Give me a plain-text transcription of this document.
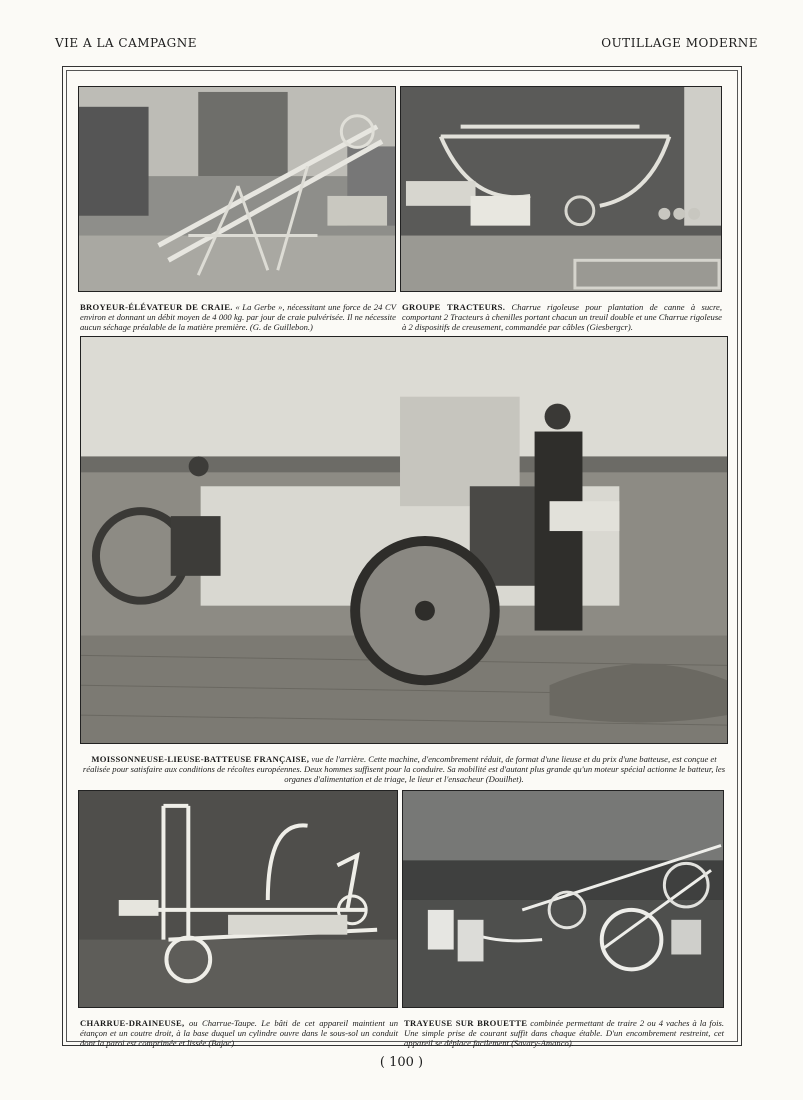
VIE A LA CAMPAGNE	OUTILLAGE MODERNE
BROYEUR-ÉLÉVATEUR DE CRAIE. « La Gerbe », nécessitant une force de 24 CV environ et donnant un débit moyen de 4 000 kg. par jour de craie pulvérisée. Il ne nécessite aucun séchage préalable de la matière première. (G. de Guillebon.)
GROUPE TRACTEURS. Charrue rigoleuse pour plantation de canne à sucre, comportant 2 Tracteurs à chenilles portant chacun un treuil double et une Charrue rigoleuse à 2 dispositifs de creusement, commandée par câbles (Giesbergcr).
MOISSONNEUSE-LIEUSE-BATTEUSE FRANÇAISE, vue de l'arrière. Cette machine, d'encombrement réduit, de format d'une lieuse et du prix d'une batteuse, est conçue et réalisée pour satisfaire aux conditions de récoltes européennes. Deux hommes suffisent pour la conduire. Sa mobilité est d'autant plus grande qu'un moteur spécial actionne le batteur, les organes d'alimentation et de triage, le lieur et l'ensacheur (Douilhet).
CHARRUE-DRAINEUSE, ou Charrue-Taupe. Le bâti de cet appareil maintient un étançon et un coutre droit, à la base duquel un cylindre ouvre dans le sous-sol un conduit dont la paroi est comprimée et lissée (Bajac).
TRAYEUSE SUR BROUETTE combinée permettant de traire 2 ou 4 vaches à la fois. Une simple prise de courant suffit dans chaque étable. D'un encombrement restreint, cet appareil se déplace facilement (Savary-Amanco).
( 100 )
